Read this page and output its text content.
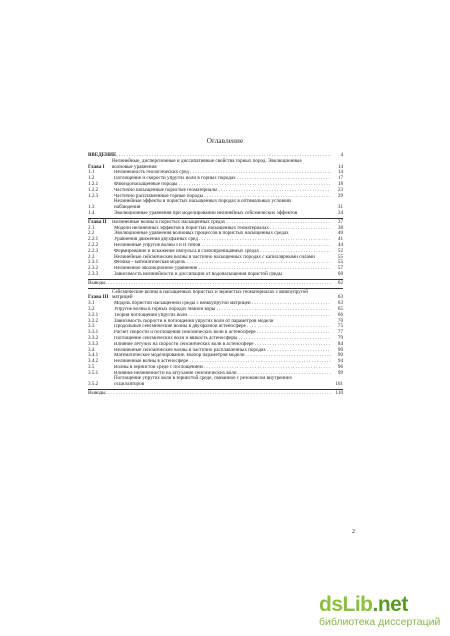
Оглавление
ВВЕДЕНИЕ . . .	4
Глава I
Нелинейные, дисперсионные и диссипативные свойства горных пород. Эволюционные волновые уравнения	14
1.1	Нелинейность геологических сред . . .	14
1.2	Поглощение и скорости упругих волн в горных породах . . .	17
1.2.1	Флюидонасыщенные породы . . .	18
1.2.2	Частично насыщенные пористые геоматериалы . . .	23
1.2.3	Частично расплавленные горные породы . . .	29
1.3
Нелинейные эффекты в пористых насыщенных породах в оптимальных условиях наблюдения	31
1.4	Эволюционные уравнения при моделировании нелинейных сейсмических эффектов	34
Глава II	Нелинейные волны в пористых насыщенных средах . . .	37
2.1	Модели нелинейных эффектов в пористых насыщенных геоматериалах . . .	38
2.2	Эволюционные уравнения волновых процессов в пористых насыщенных средах	40
2.2.1	Уравнения движения двухфазных сред . . .	41
2.2.2	Нелинейные упругие волны I и II типов . . .	44
2.2.3	Формирование и искажение импульса в слабопроницаемых средах . . .	52
2.3	Нелинейные сейсмические волны в частично насыщенных породах с капиллярными силами	55
2.3.1	Физико - математическая модель . . .	55
2.3.2	Нелинейное эволюционное уравнение . . .	57
2.3.3	Зависимость нелинейности и диссипации от водонасыщения пористой среды	60
Выводы . . .	62
Глава III
Сейсмические волны в насыщенных пористых и зернистых геоматериалах с вязкоупругой матрицей	63
3.1	Модель пористой насыщенной среды с вязкоупругой матрицей . . .	63
3.2	Упругие волны в горных породах земной коры . . .	65
3.2.1	Теория поглощения упругих волн . . .	66
3.2.2	Зависимость скорости и поглощения упругих волн от параметров модели	70
3.3	Продольные сейсмические волны в двухфазной астеносфере . . .	75
3.3.1	Расчет скорости и поглощения сейсмических волн в астеносфере . . .	77
3.3.2	Поглощение сейсмических волн и вязкость астеносферы . . .	79
3.3.3	Влияние летучих на скорости сейсмических волн в астеносфере . . .	84
3.4	Нелинейные сейсмические волны в частично расплавленных породах . . .	90
3.4.1	Математическое моделирование. Выбор параметров модели . . .	90
3.4.2	Нелинейные волны в астеносфере . . .	94
3.5	Волны в зернистой среде с поглощением . . .	96
3.5.1	Влияние нелинейности на затухание сейсмических волн . . .	99
3.5.2
Поглощение упругих волн в зернистой среде, связанное с резонансом внутренних осцилляторов	101
Выводы . . .	110
2
dsLib.net
библиотека диссертаций
